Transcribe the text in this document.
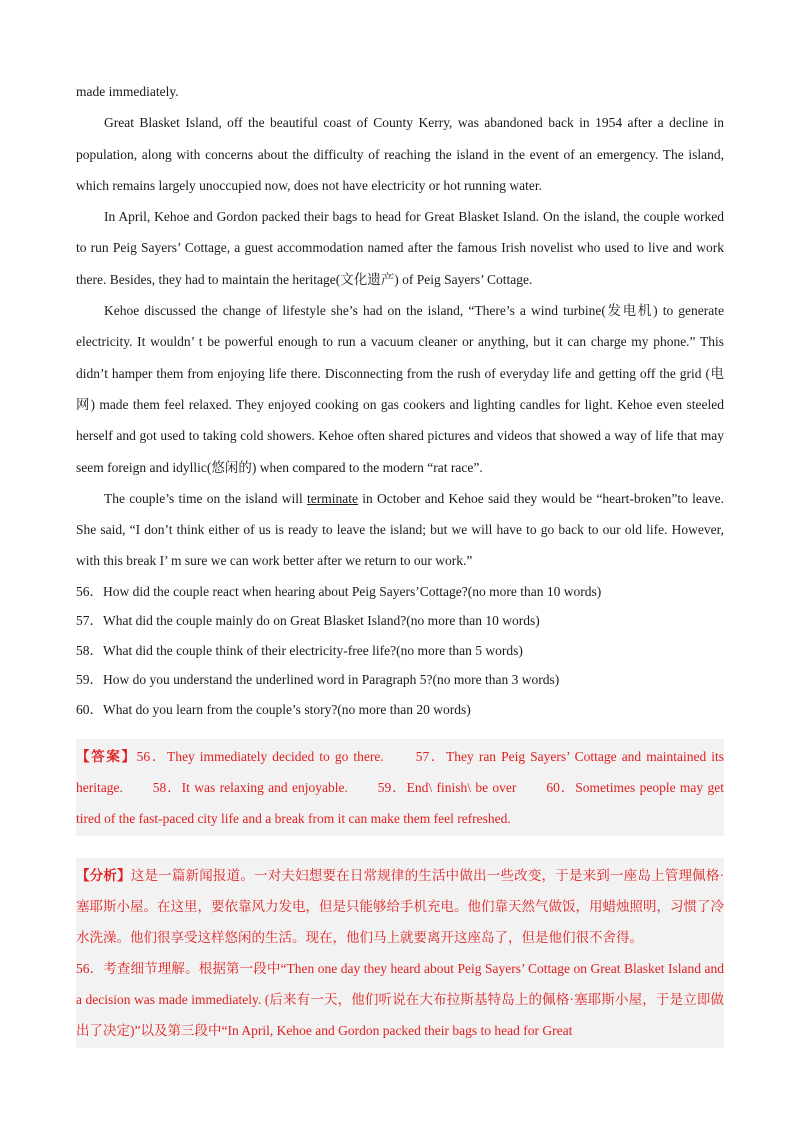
made immediately.

Great Blasket Island, off the beautiful coast of County Kerry, was abandoned back in 1954 after a decline in population, along with concerns about the difficulty of reaching the island in the event of an emergency. The island, which remains largely unoccupied now, does not have electricity or hot running water.

In April, Kehoe and Gordon packed their bags to head for Great Blasket Island. On the island, the couple worked to run Peig Sayers’ Cottage, a guest accommodation named after the famous Irish novelist who used to live and work there. Besides, they had to maintain the heritage(文化遗产) of Peig Sayers’ Cottage.

Kehoe discussed the change of lifestyle she’s had on the island, “There’s a wind turbine(发电机) to generate electricity. It wouldn’ t be powerful enough to run a vacuum cleaner or anything, but it can charge my phone.” This didn’t hamper them from enjoying life there. Disconnecting from the rush of everyday life and getting off the grid (电网) made them feel relaxed. They enjoyed cooking on gas cookers and lighting candles for light. Kehoe even steeled herself and got used to taking cold showers. Kehoe often shared pictures and videos that showed a way of life that may seem foreign and idyllic(悠闲的) when compared to the modern “rat race”.

The couple’s time on the island will terminate in October and Kehoe said they would be “heart-broken”to leave. She said, “I don’t think either of us is ready to leave the island; but we will have to go back to our old life. However, with this break I’ m sure we can work better after we return to our work.”

56．How did the couple react when hearing about Peig Sayers’Cottage?(no more than 10 words)

57．What did the couple mainly do on Great Blasket Island?(no more than 10 words)

58．What did the couple think of their electricity-free life?(no more than 5 words)

59．How do you understand the underlined word in Paragraph 5?(no more than 3 words)

60．What do you learn from the couple’s story?(no more than 20 words)

【答案】56．They immediately decided to go there.　　57．They ran Peig Sayers’ Cottage and maintained its heritage.　　58．It was relaxing and enjoyable.　　59．End\ finish\ be over　　60．Sometimes people may get tired of the fast-paced city life and a break from it can make them feel refreshed.

【分析】这是一篇新闻报道。一对夫妇想要在日常规律的生活中做出一些改变，于是来到一座岛上管理佩格·塞耶斯小屋。在这里，要依靠风力发电，但是只能够给手机充电。他们靠天然气做饭，用蜡烛照明，习惯了冷水洗澡。他们很享受这样悠闲的生活。现在，他们马上就要离开这座岛了，但是他们很不舍得。

56．考查细节理解。根据第一段中“Then one day they heard about Peig Sayers’ Cottage on Great Blasket Island and a decision was made immediately. (后来有一天，他们听说在大布拉斯基特岛上的佩格·塞耶斯小屋，于是立即做出了决定)”以及第三段中“In April, Kehoe and Gordon packed their bags to head for Great
